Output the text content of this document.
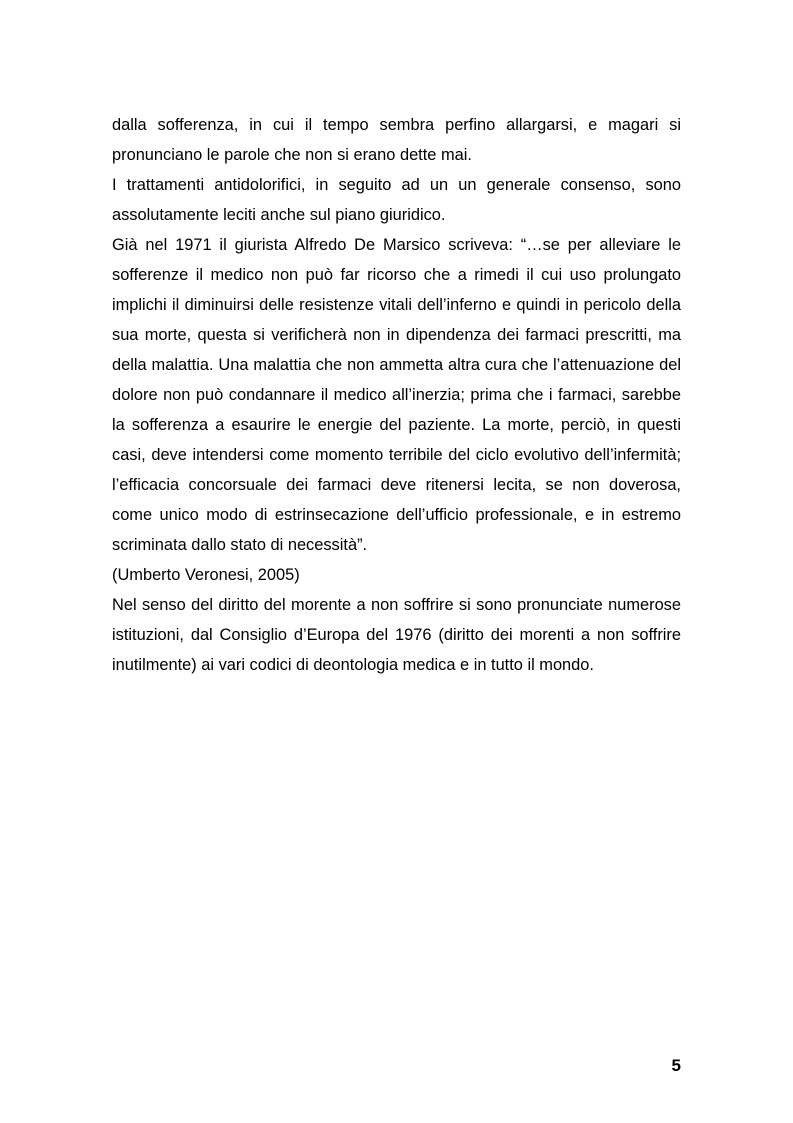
dalla sofferenza, in cui il tempo sembra perfino allargarsi, e magari si pronunciano le parole che non si erano dette mai.

I trattamenti antidolorifici, in seguito ad un un generale consenso, sono assolutamente leciti anche sul piano giuridico.

Già nel 1971 il giurista Alfredo De Marsico scriveva: “…se per alleviare le sofferenze il medico non può far ricorso che a rimedi il cui uso prolungato implichi il diminuirsi delle resistenze vitali dell’inferno e quindi in pericolo della sua morte, questa si verificherà non in dipendenza dei farmaci prescritti, ma della malattia. Una malattia che non ammetta altra cura che l’attenuazione del dolore non può condannare il medico all’inerzia; prima che i farmaci, sarebbe la sofferenza a esaurire le energie del paziente. La morte, perciò, in questi casi, deve intendersi come momento terribile del ciclo evolutivo dell’infermità; l’efficacia concorsuale dei farmaci deve ritenersi lecita, se non doverosa, come unico modo di estrinsecazione dell’ufficio professionale, e in estremo scriminata dallo stato di necessità”.

(Umberto Veronesi, 2005)

Nel senso del diritto del morente a non soffrire si sono pronunciate numerose istituzioni, dal Consiglio d’Europa del 1976 (diritto dei morenti a non soffrire inutilmente) ai vari codici di deontologia medica e in tutto il mondo.

5
